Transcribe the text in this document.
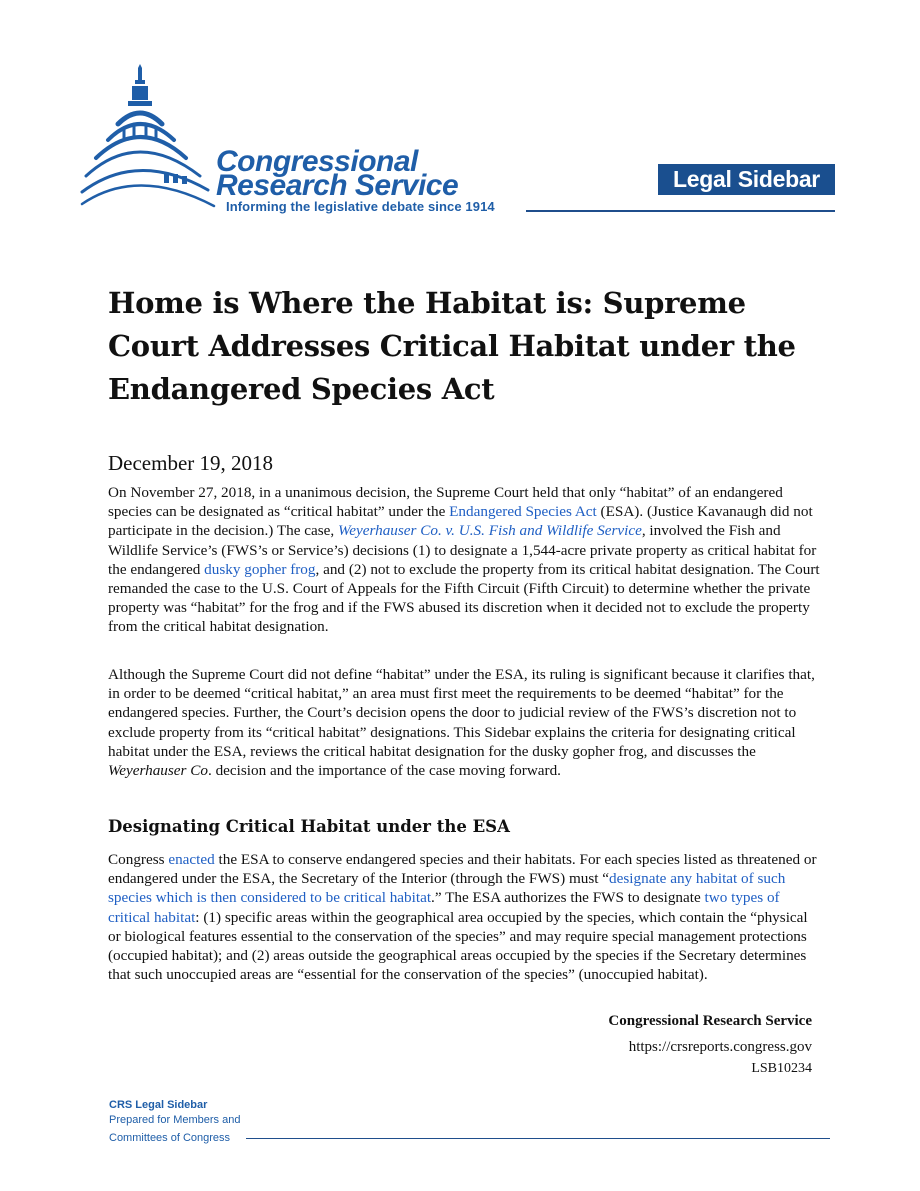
Congressional
Research Service
Informing the legislative debate since 1914
Legal Sidebar
Home is Where the Habitat is: Supreme Court Addresses Critical Habitat under the Endangered Species Act
December 19, 2018

On November 27, 2018, in a unanimous decision, the Supreme Court held that only “habitat” of an endangered species can be designated as “critical habitat” under the Endangered Species Act (ESA). (Justice Kavanaugh did not participate in the decision.) The case, Weyerhauser Co. v. U.S. Fish and Wildlife Service, involved the Fish and Wildlife Service’s (FWS’s or Service’s) decisions (1) to designate a 1,544-acre private property as critical habitat for the endangered dusky gopher frog, and (2) not to exclude the property from its critical habitat designation. The Court remanded the case to the U.S. Court of Appeals for the Fifth Circuit (Fifth Circuit) to determine whether the private property was “habitat” for the frog and if the FWS abused its discretion when it decided not to exclude the property from the critical habitat designation.

Although the Supreme Court did not define “habitat” under the ESA, its ruling is significant because it clarifies that, in order to be deemed “critical habitat,” an area must first meet the requirements to be deemed “habitat” for the endangered species. Further, the Court’s decision opens the door to judicial review of the FWS’s discretion not to exclude property from its “critical habitat” designations. This Sidebar explains the criteria for designating critical habitat under the ESA, reviews the critical habitat designation for the dusky gopher frog, and discusses the Weyerhauser Co. decision and the importance of the case moving forward.

Designating Critical Habitat under the ESA

Congress enacted the ESA to conserve endangered species and their habitats. For each species listed as threatened or endangered under the ESA, the Secretary of the Interior (through the FWS) must “designate any habitat of such species which is then considered to be critical habitat.” The ESA authorizes the FWS to designate two types of critical habitat: (1) specific areas within the geographical area occupied by the species, which contain the “physical or biological features essential to the conservation of the species” and may require special management protections (occupied habitat); and (2) areas outside the geographical areas occupied by the species if the Secretary determines that such unoccupied areas are “essential for the conservation of the species” (unoccupied habitat).

Congressional Research Service
https://crsreports.congress.gov
LSB10234
CRS Legal Sidebar
Prepared for Members and
Committees of Congress
